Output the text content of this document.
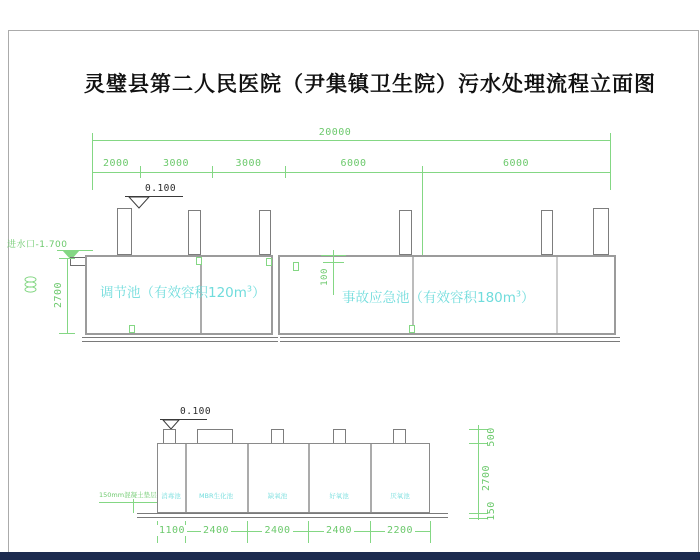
灵璧县第二人民医院（尹集镇卫生院）污水处理流程立面图
20000
2000	3000	3000	6000	6000
0.100
进水口-1.700
2700
100
调节池（有效容积$120m^3$）	事故应急池（有效容积$180m^3$）
0.100
150mm混凝土垫层 消毒池	MBR生化池	缺氧池	好氧池	厌氧池
1100	2400	2400	2400	2200
500
2700
150
